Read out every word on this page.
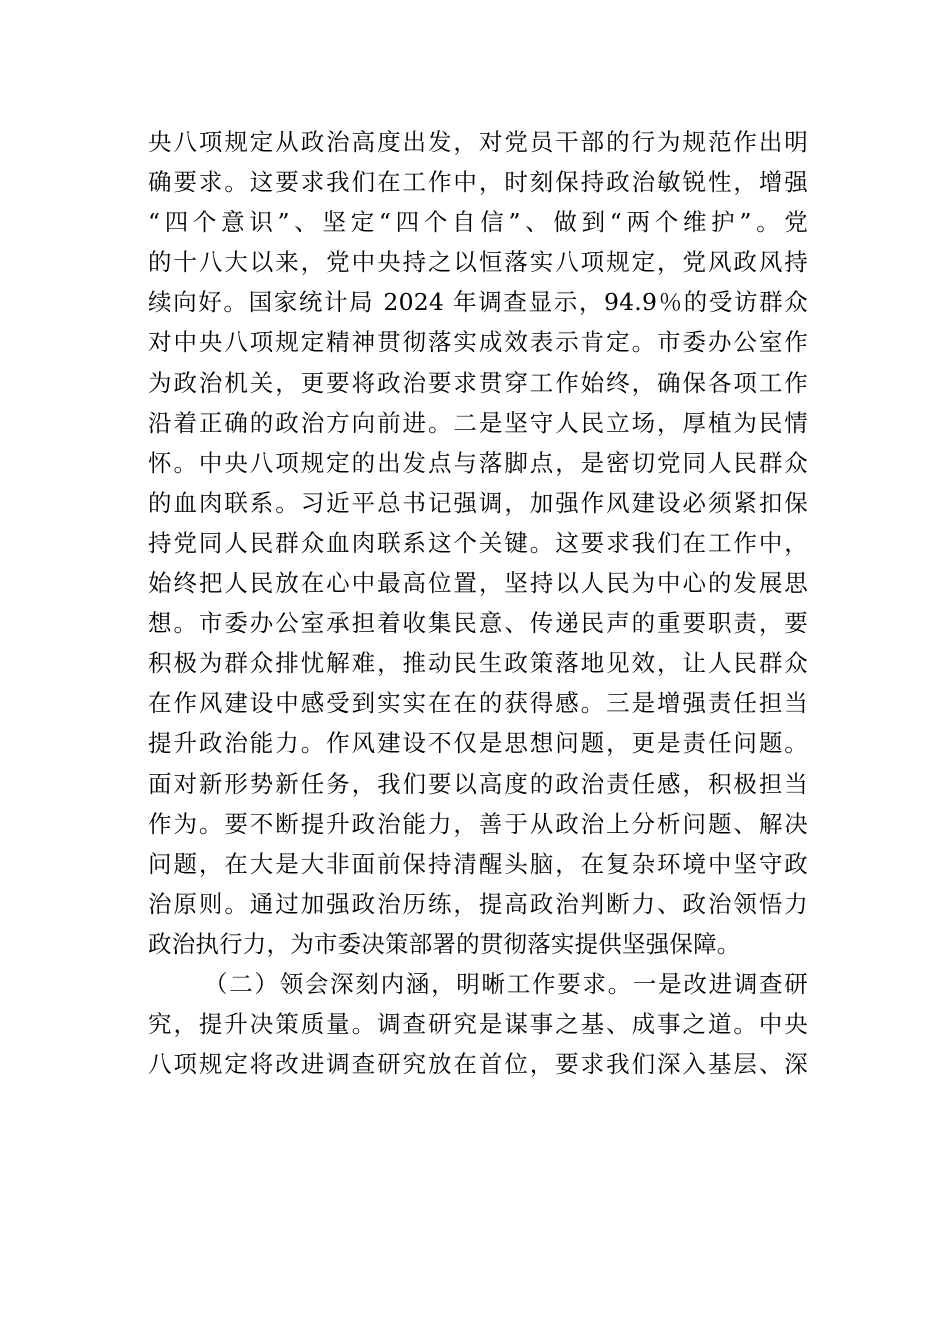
央八项规定从政治高度出发，对党员干部的行为规范作出明
确要求。这要求我们在工作中，时刻保持政治敏锐性，增强
“四个意识”、坚定“四个自信”、做到“两个维护”。党
的十八大以来，党中央持之以恒落实八项规定，党风政风持
续向好。国家统计局 2024 年调查显示，94.9％的受访群众
对中央八项规定精神贯彻落实成效表示肯定。市委办公室作
为政治机关，更要将政治要求贯穿工作始终，确保各项工作
沿着正确的政治方向前进。二是坚守人民立场，厚植为民情
怀。中央八项规定的出发点与落脚点，是密切党同人民群众
的血肉联系。习近平总书记强调，加强作风建设必须紧扣保
持党同人民群众血肉联系这个关键。这要求我们在工作中，
始终把人民放在心中最高位置，坚持以人民为中心的发展思
想。市委办公室承担着收集民意、传递民声的重要职责，要
积极为群众排忧解难，推动民生政策落地见效，让人民群众
在作风建设中感受到实实在在的获得感。三是增强责任担当
提升政治能力。作风建设不仅是思想问题，更是责任问题。
面对新形势新任务，我们要以高度的政治责任感，积极担当
作为。要不断提升政治能力，善于从政治上分析问题、解决
问题，在大是大非面前保持清醒头脑，在复杂环境中坚守政
治原则。通过加强政治历练，提高政治判断力、政治领悟力
政治执行力，为市委决策部署的贯彻落实提供坚强保障。
（二）领会深刻内涵，明晰工作要求。一是改进调查研
究，提升决策质量。调查研究是谋事之基、成事之道。中央
八项规定将改进调查研究放在首位，要求我们深入基层、深
